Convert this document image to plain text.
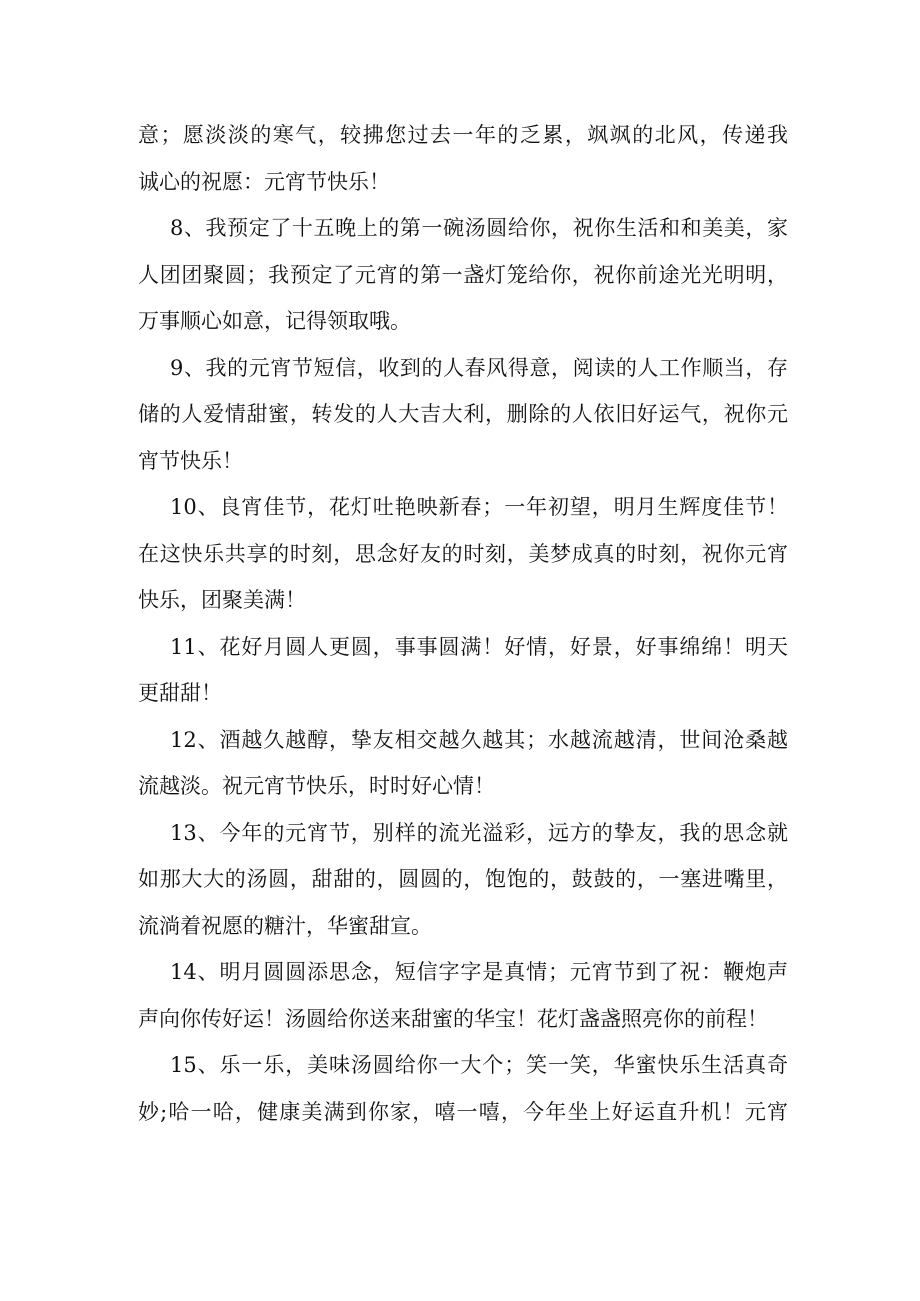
意；愿淡淡的寒气，较拂您过去一年的乏累，飒飒的北风，传递我
诚心的祝愿：元宵节快乐！
8、我预定了十五晚上的第一碗汤圆给你，祝你生活和和美美，家
人团团聚圆；我预定了元宵的第一盏灯笼给你，祝你前途光光明明，
万事顺心如意，记得领取哦。
9、我的元宵节短信，收到的人春风得意，阅读的人工作顺当，存
储的人爱情甜蜜，转发的人大吉大利，删除的人依旧好运气，祝你元
宵节快乐！
10、良宵佳节，花灯吐艳映新春；一年初望，明月生辉度佳节！
在这快乐共享的时刻，思念好友的时刻，美梦成真的时刻，祝你元宵
快乐，团聚美满！
11、花好月圆人更圆，事事圆满！好情，好景，好事绵绵！明天
更甜甜！
12、酒越久越醇，挚友相交越久越其；水越流越清，世间沧桑越
流越淡。祝元宵节快乐，时时好心情！
13、今年的元宵节，别样的流光溢彩，远方的挚友，我的思念就
如那大大的汤圆，甜甜的，圆圆的，饱饱的，鼓鼓的，一塞进嘴里，
流淌着祝愿的糖汁，华蜜甜宣。
14、明月圆圆添思念，短信字字是真情；元宵节到了祝：鞭炮声
声向你传好运！汤圆给你送来甜蜜的华宝！花灯盏盏照亮你的前程！
15、乐一乐，美味汤圆给你一大个；笑一笑，华蜜快乐生活真奇
妙;哈一哈，健康美满到你家，嘻一嘻，今年坐上好运直升机！元宵
